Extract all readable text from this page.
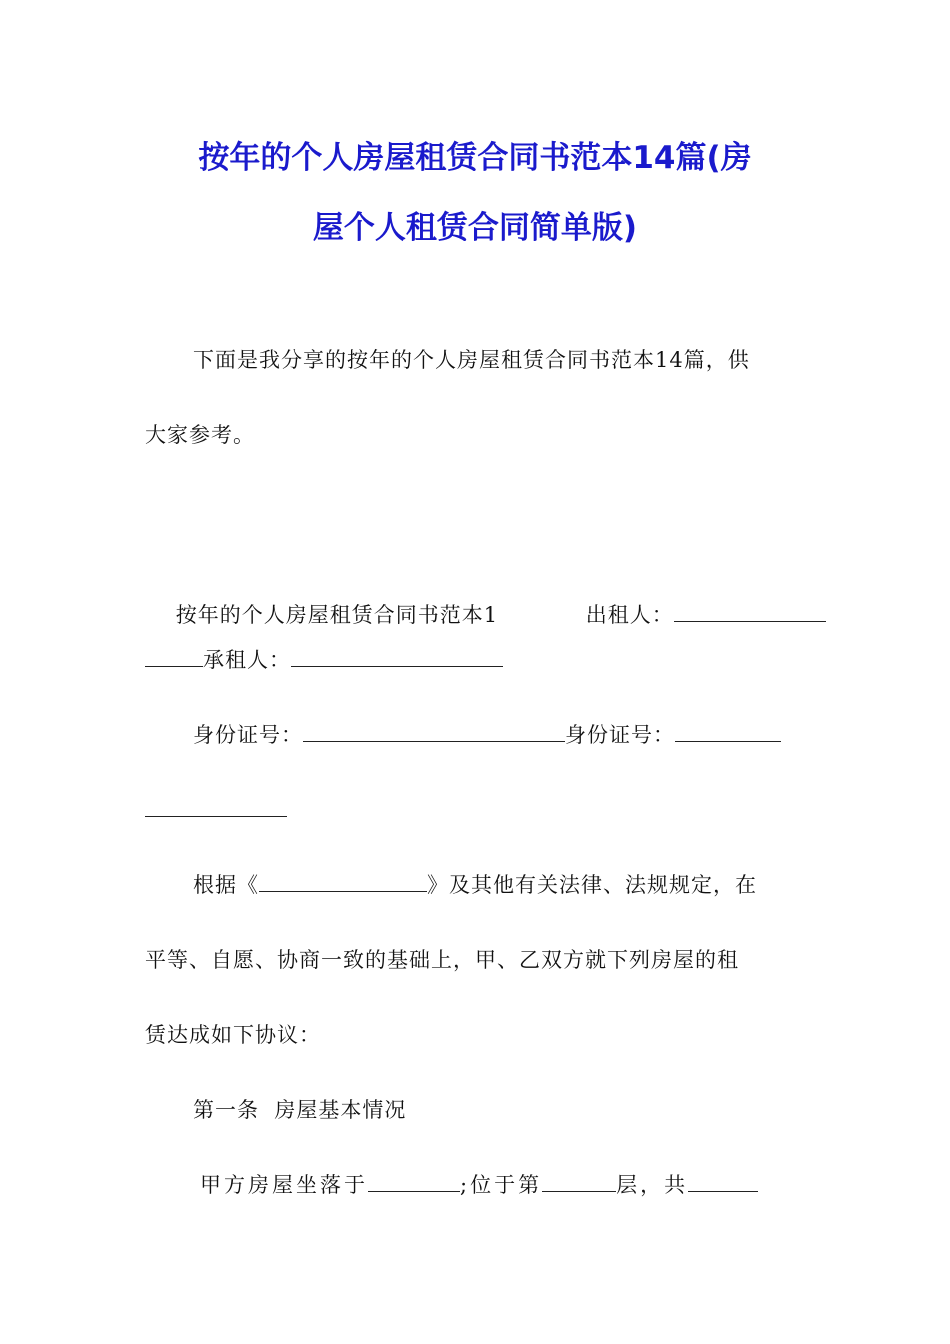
按年的个人房屋租赁合同书范本14篇(房
屋个人租赁合同简单版)
下面是我分享的按年的个人房屋租赁合同书范本14篇，供
大家参考。

按年的个人房屋租赁合同书范本1
	出租人：

承租人：
身份证号：	身份证号：
根据《	》及其他有关法律、法规规定，在
平等、自愿、协商一致的基础上，甲、乙双方就下列房屋的租
赁达成如下协议：
第一条  房屋基本情况
甲方房屋坐落于	;位于第	层，共
